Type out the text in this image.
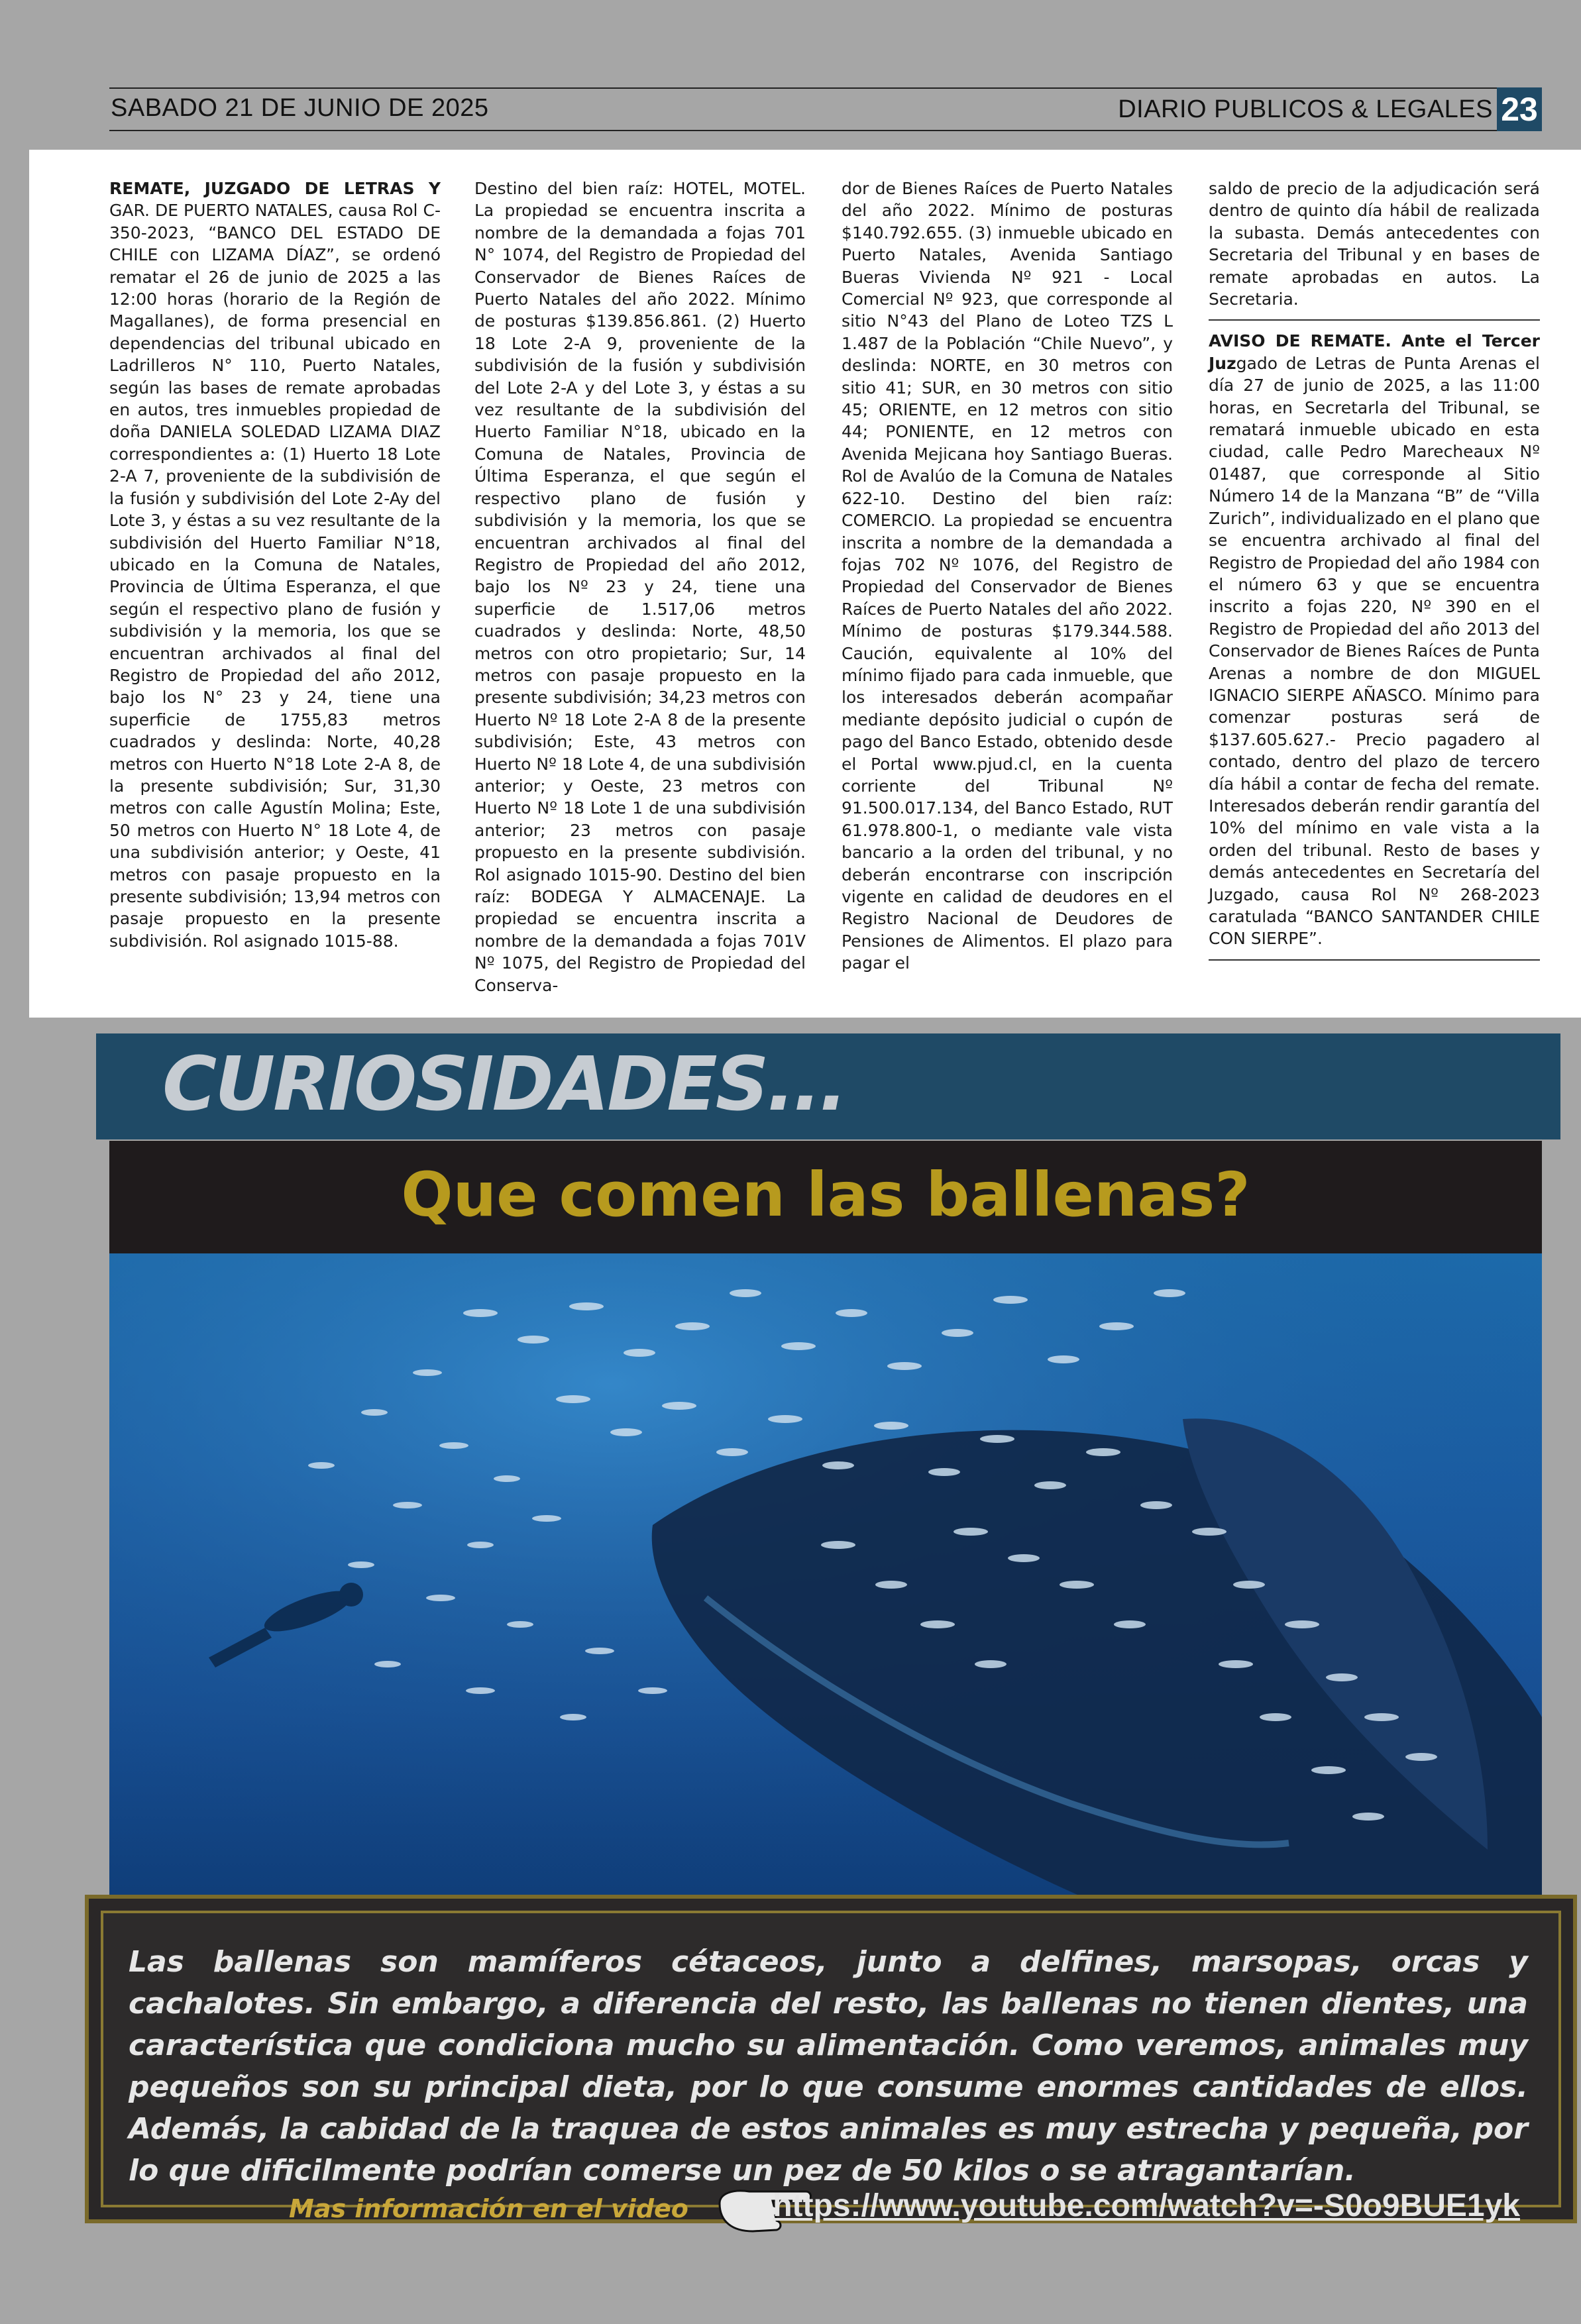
SABADO 21 DE JUNIO DE 2025	DIARIO PUBLICOS & LEGALES 23

REMATE, JUZGADO DE LETRAS Y GAR. DE PUERTO NATALES, causa Rol C-350-2023, “BANCO DEL ESTADO DE CHILE con LIZAMA DÍAZ”, se ordenó rematar el 26 de junio de 2025 a las 12:00 horas (horario de la Región de Magallanes), de forma presencial en dependencias del tribunal ubicado en Ladrilleros N° 110, Puerto Natales, según las bases de remate aprobadas en autos, tres inmuebles propiedad de doña DANIELA SOLEDAD LIZAMA DIAZ correspondientes a: (1) Huerto 18 Lote 2-A 7, proveniente de la subdivisión de la fusión y subdivisión del Lote 2-Ay del Lote 3, y éstas a su vez resultante de la subdivisión del Huerto Familiar N°18, ubicado en la Comuna de Natales, Provincia de Última Esperanza, el que según el respectivo plano de fusión y subdivisión y la memoria, los que se encuentran archivados al final del Registro de Propiedad del año 2012, bajo los N° 23 y 24, tiene una superficie de 1755,83 metros cuadrados y deslinda: Norte, 40,28 metros con Huerto N°18 Lote 2-A 8, de la presente subdivisión; Sur, 31,30 metros con calle Agustín Molina; Este, 50 metros con Huerto N° 18 Lote 4, de una subdivisión anterior; y Oeste, 41 metros con pasaje propuesto en la presente subdivisión; 13,94 metros con pasaje propuesto en la presente subdivisión. Rol asignado 1015-88.

Destino del bien raíz: HOTEL, MOTEL. La propiedad se encuentra inscrita a nombre de la demandada a fojas 701 N° 1074, del Registro de Propiedad del Conservador de Bienes Raíces de Puerto Natales del año 2022. Mínimo de posturas $139.856.861. (2) Huerto 18 Lote 2-A 9, proveniente de la subdivisión de la fusión y subdivisión del Lote 2-A y del Lote 3, y éstas a su vez resultante de la subdivisión del Huerto Familiar N°18, ubicado en la Comuna de Natales, Provincia de Última Esperanza, el que según el respectivo plano de fusión y subdivisión y la memoria, los que se encuentran archivados al final del Registro de Propiedad del año 2012, bajo los Nº 23 y 24, tiene una superficie de 1.517,06 metros cuadrados y deslinda: Norte, 48,50 metros con otro propietario; Sur, 14 metros con pasaje propuesto en la presente subdivisión; 34,23 metros con Huerto Nº 18 Lote 2-A 8 de la presente subdivisión; Este, 43 metros con Huerto Nº 18 Lote 4, de una subdivisión anterior; y Oeste, 23 metros con Huerto Nº 18 Lote 1 de una subdivisión anterior; 23 metros con pasaje propuesto en la presente subdivisión. Rol asignado 1015-90. Destino del bien raíz: BODEGA Y ALMACENAJE. La propiedad se encuentra inscrita a nombre de la demandada a fojas 701V Nº 1075, del Registro de Propiedad del Conserva-

dor de Bienes Raíces de Puerto Natales del año 2022. Mínimo de posturas $140.792.655. (3) inmueble ubicado en Puerto Natales, Avenida Santiago Bueras Vivienda Nº 921 - Local Comercial Nº 923, que corresponde al sitio N°43 del Plano de Loteo TZS L 1.487 de la Población “Chile Nuevo”, y deslinda: NORTE, en 30 metros con sitio 41; SUR, en 30 metros con sitio 45; ORIENTE, en 12 metros con sitio 44; PONIENTE, en 12 metros con Avenida Mejicana hoy Santiago Bueras. Rol de Avalúo de la Comuna de Natales 622-10. Destino del bien raíz: COMERCIO. La propiedad se encuentra inscrita a nombre de la demandada a fojas 702 Nº 1076, del Registro de Propiedad del Conservador de Bienes Raíces de Puerto Natales del año 2022. Mínimo de posturas $179.344.588. Caución, equivalente al 10% del mínimo fijado para cada inmueble, que los interesados deberán acompañar mediante depósito judicial o cupón de pago del Banco Estado, obtenido desde el Portal www.pjud.cl, en la cuenta corriente del Tribunal Nº 91.500.017.134, del Banco Estado, RUT 61.978.800-1, o mediante vale vista bancario a la orden del tribunal, y no deberán encontrarse con inscripción vigente en calidad de deudores en el Registro Nacional de Deudores de Pensiones de Alimentos. El plazo para pagar el

saldo de precio de la adjudicación será dentro de quinto día hábil de realizada la subasta. Demás antecedentes con Secretaria del Tribunal y en bases de remate aprobadas en autos. La Secretaria.

AVISO DE REMATE. Ante el Tercer Juzgado de Letras de Punta Arenas el día 27 de junio de 2025, a las 11:00 horas, en Secretarla del Tribunal, se rematará inmueble ubicado en esta ciudad, calle Pedro Marecheaux Nº 01487, que corresponde al Sitio Número 14 de la Manzana “B” de “Villa Zurich”, individualizado en el plano que se encuentra archivado al final del Registro de Propiedad del año 1984 con el número 63 y que se encuentra inscrito a fojas 220, Nº 390 en el Registro de Propiedad del año 2013 del Conservador de Bienes Raíces de Punta Arenas a nombre de don MIGUEL IGNACIO SIERPE AÑASCO. Mínimo para comenzar posturas será de $137.605.627.- Precio pagadero al contado, dentro del plazo de tercero día hábil a contar de fecha del remate. Interesados deberán rendir garantía del 10% del mínimo en vale vista a la orden del tribunal. Resto de bases y demás antecedentes en Secretaría del Juzgado, causa Rol Nº 268-2023 caratulada “BANCO SANTANDER CHILE CON SIERPE”.

CURIOSIDADES...
Que comen las ballenas?
Las ballenas son mamíferos cétaceos, junto a delfines, marsopas, orcas y cachalotes. Sin embargo, a diferencia del resto, las ballenas no tienen dientes, una característica que condiciona mucho su alimentación. Como veremos, animales muy pequeños son su principal dieta, por lo que consume enormes cantidades de ellos. Además, la cabidad de la traquea de estos animales es muy estrecha y pequeña, por lo que dificilmente podrían comerse un pez de 50 kilos o se atragantarían.
Mas información en el video	https://www.youtube.com/watch?v=-S0o9BUE1yk
